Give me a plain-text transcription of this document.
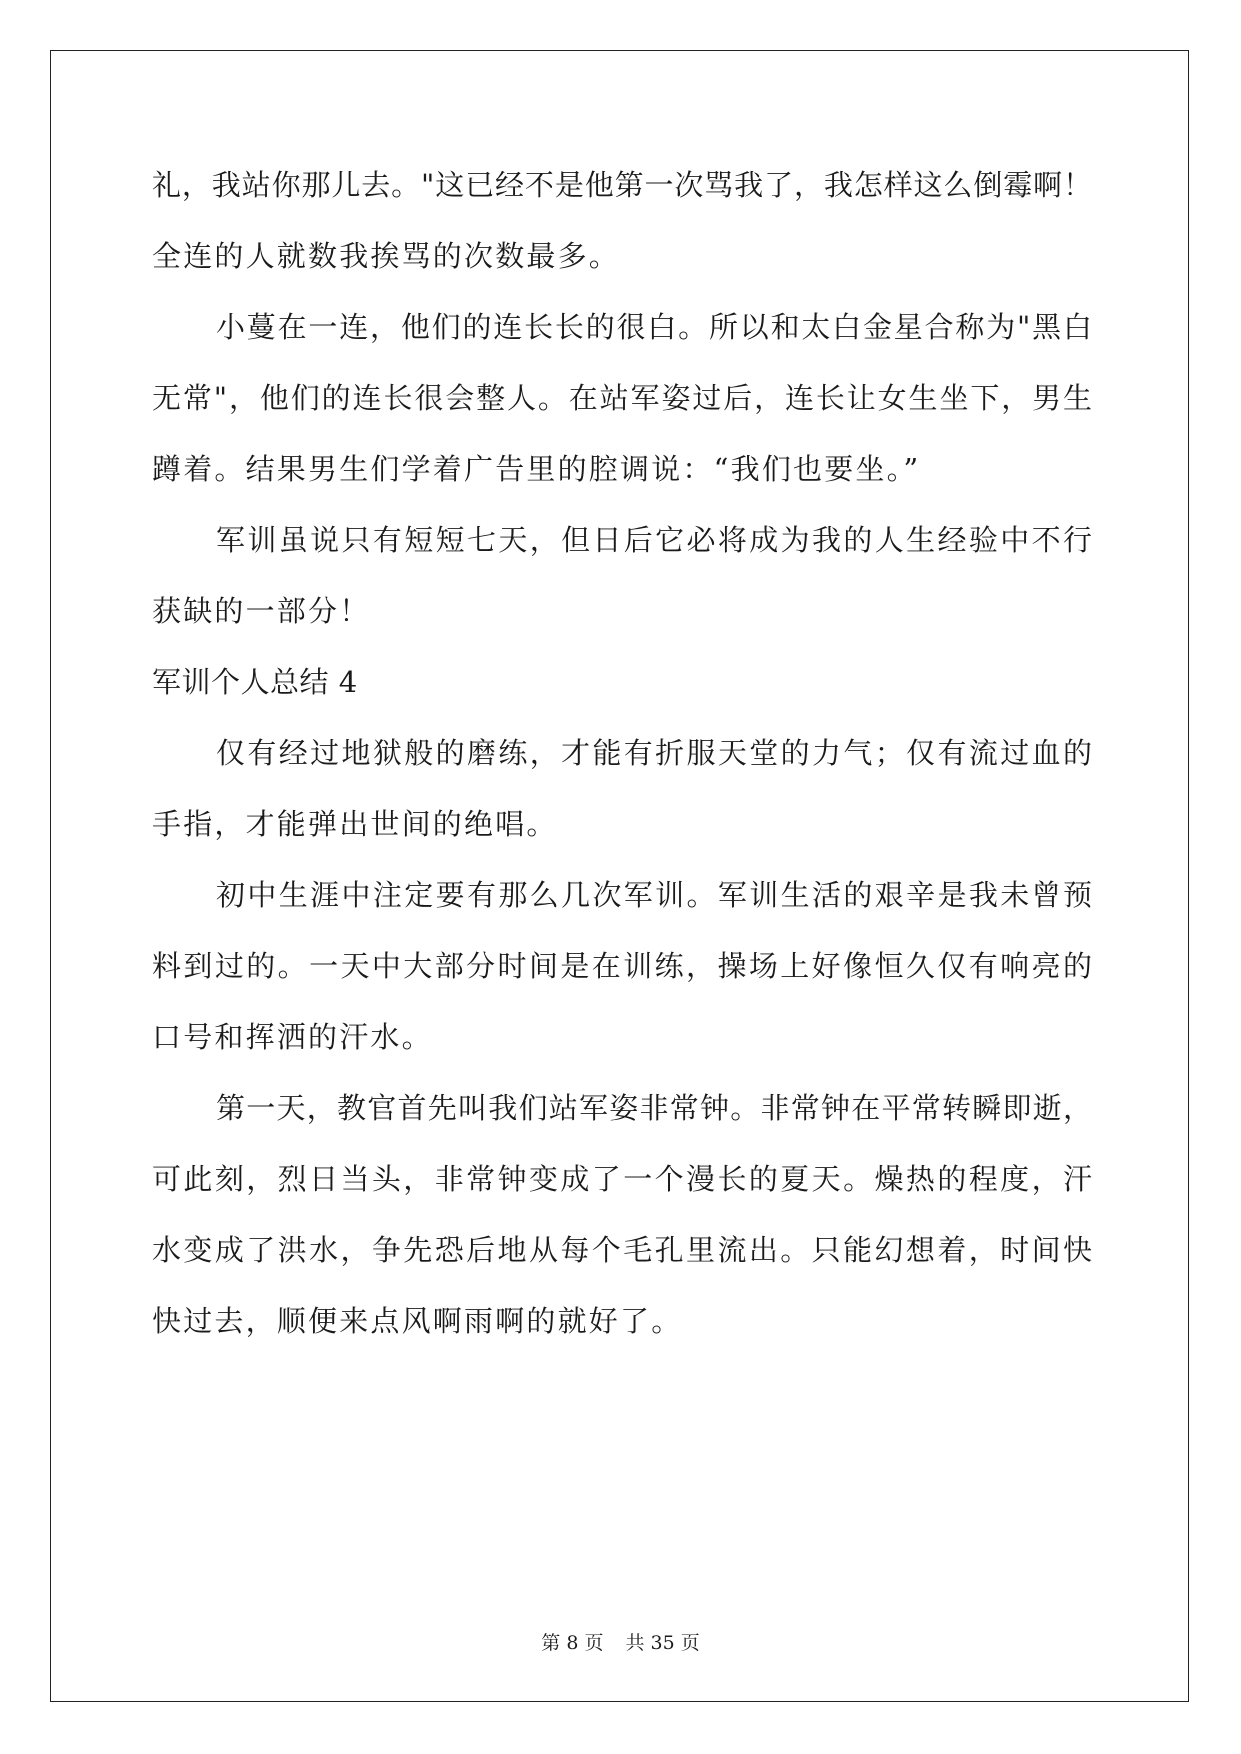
礼，我站你那儿去。"这已经不是他第一次骂我了，我怎样这么倒霉啊！
全连的人就数我挨骂的次数最多。
小蔓在一连，他们的连长长的很白。所以和太白金星合称为"黑白
无常"，他们的连长很会整人。在站军姿过后，连长让女生坐下，男生
蹲着。结果男生们学着广告里的腔调说：“我们也要坐。”
军训虽说只有短短七天，但日后它必将成为我的人生经验中不行
获缺的一部分！
军训个人总结 4
仅有经过地狱般的磨练，才能有折服天堂的力气；仅有流过血的
手指，才能弹出世间的绝唱。
初中生涯中注定要有那么几次军训。军训生活的艰辛是我未曾预
料到过的。一天中大部分时间是在训练，操场上好像恒久仅有响亮的
口号和挥洒的汗水。
第一天，教官首先叫我们站军姿非常钟。非常钟在平常转瞬即逝，
可此刻，烈日当头，非常钟变成了一个漫长的夏天。燥热的程度，汗
水变成了洪水，争先恐后地从每个毛孔里流出。只能幻想着，时间快
快过去，顺便来点风啊雨啊的就好了。
第 8 页 共 35 页
